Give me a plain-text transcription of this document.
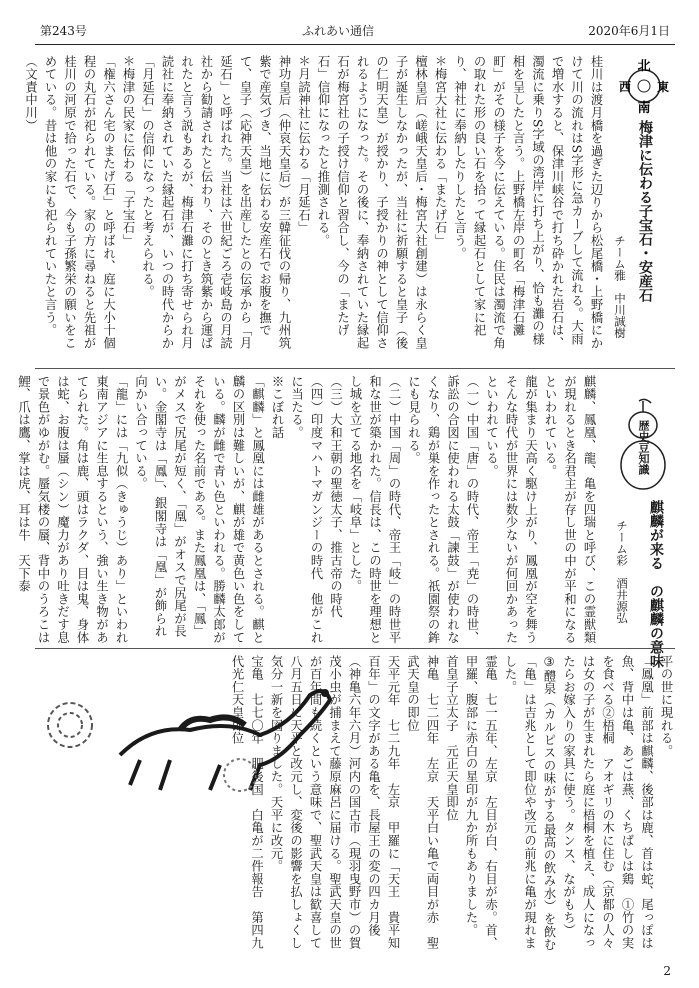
第243号	ふれあい通信	2020年6月1日
北
西 東
南
梅津に伝わる子宝石・安産石
チーム雅　中川誠樹
桂川は渡月橋を過ぎた辺りから松尾橋・上野橋にかけて川の流れはS字形に急カーブして流れる。大雨で増水すると、保津川峡谷で打ち砕かれた岩石は、濁流に乗りS字域の湾岸に打ち上がり、恰も灘の様相を呈したと言う。上野橋左岸の町名「梅津石灘町」がその様子を今に伝えている。住民は濁流で角の取れた形の良い石を拾って縁起石として家に祀り、神社に奉納したりしたと言う。
＊梅宮大社に伝わる「またげ石」
檀林皇后（嵯峨天皇后・梅宮大社創建）は永らく皇子が誕生しなかったが、当社に祈願すると皇子（後の仁明天皇）が授かり、子授かりの神として信仰されるようになった。その後に、奉納されていた縁起石が梅宮社の子授け信仰と習合し、今の「またげ石」信仰になったと推測される。
＊月読神社に伝わる「月延石」
神功皇后（仲哀天皇后）が三韓征伐の帰り、九州筑紫で産気づき、当地に伝わる安産石でお腹を撫でて、皇子（応神天皇）を出産したとの伝承から「月延石」と呼ばれた。当社は六世紀ごろ壱岐島の月読社から勧請されたと伝わり、そのとき筑紫から運ばれたと言う説もあるが、梅津石灘に打ち寄せられ月読社に奉納されていた縁起石が、いつの時代からか「月延石」の信仰になったと考えられる。
＊梅津の民家に伝わる「子宝石」
「権六さん宅のまたげ石」と呼ばれ、庭に大小十個程の丸石が祀られている。家の方に尋ねると先祖が桂川の河原で拾った石で、今も子孫繁栄の願いをこめている。昔は他の家にも祀られていたと言う。（文責中川）
歴史豆知識
麒麟が来る　の麒麟の意味
チーム彩　酒井源弘
麒麟、鳳凰、龍、亀を四瑞と呼び、この霊獣類が現れるとき名君主が存し世の中が平和になるといわれている。
龍が集まり天高く駆け上がり、鳳凰が空を舞うそんな時代が世界には数少ないが何回かあったといわれている。
（一）中国「唐」の時代、帝王「尭」の時世、訴訟の合図に使われる太鼓「諫鼓」が使われなくなり、鶏が巣を作ったとされる。祇園祭の鉾にも見られる。
（二）中国「周」の時代、帝王「岐」の時世平和な世が築かれた。信長は、この時世を理想とし城を立てる地名を「岐阜」とした。
（三）大和王朝の聖徳太子、推古帝の時代
（四）印度マハトマガンジーの時代　他がこれに当たる。
※こぼれ話
「麒麟」と鳳凰には雌雄があるとされる。麒と麟の区別は難しいが、麒が雄で黄色い色をしている。麟が雌で青い色といわれる。勝麟太郎がそれを使った名前である。また鳳凰は、「鳳」がメスで尻尾が短く、「凰」がオスで尻尾が長い。金閣寺は「鳳」、銀閣寺は「凰」が飾られ向かい合っている。
「龍」には「九似（きゅうじ）あり」といわれ東南アジアに生息するという、強い生き物があてられた。角は鹿、頭はラクダ、目は鬼、身体は蛇、お腹は蜃（シン）魔力があり吐きだす息で景色がゆがむ。蜃気楼の蜃、背中のうろこは鯉、爪は鷹、掌は虎、耳は牛　天下泰
平の世に現れる。
「鳳凰」前部は麒麟、後部は鹿、首は蛇、尾っぽは魚、背中は亀、あごは燕、くちばしは鶏　①竹の実を食べる②梧桐　アオギリの木に住む（京都の人々は女の子が生まれたら庭に梧桐を植え、成人になったらお嫁入りの家具に使う。タンス、ながもち）
③醴泉（カルピスの味がする最高の飲み水）を飲む
「亀」は吉兆として即位や改元の前兆に亀が現れました。
霊亀　七一五年、左京　左目が白、右目が赤。首、甲羅、腹部に赤白の星印が九か所もありました。　首皇子立太子　元正天皇即位
神亀　七二四年　左京　天平白い亀で両目が赤　聖武天皇の即位
天平元年　七二九年　左京　甲羅に「天王　貴平知百年」の文字がある亀を、長屋王の変の四カ月後（神亀六年六月）河内の国古市（現羽曳野市）の賀茂小虫が捕まえて藤原麻呂に届ける。聖武天皇の世が百年間も続くという意味で、聖武天皇は歓喜して八月五日に天平と改元し、変後の影響を払しょくし気分一新を図りました。天平に改元。
宝亀　七七〇年　肥後国　白亀が二件報告　第四九代光仁天皇即位
2
